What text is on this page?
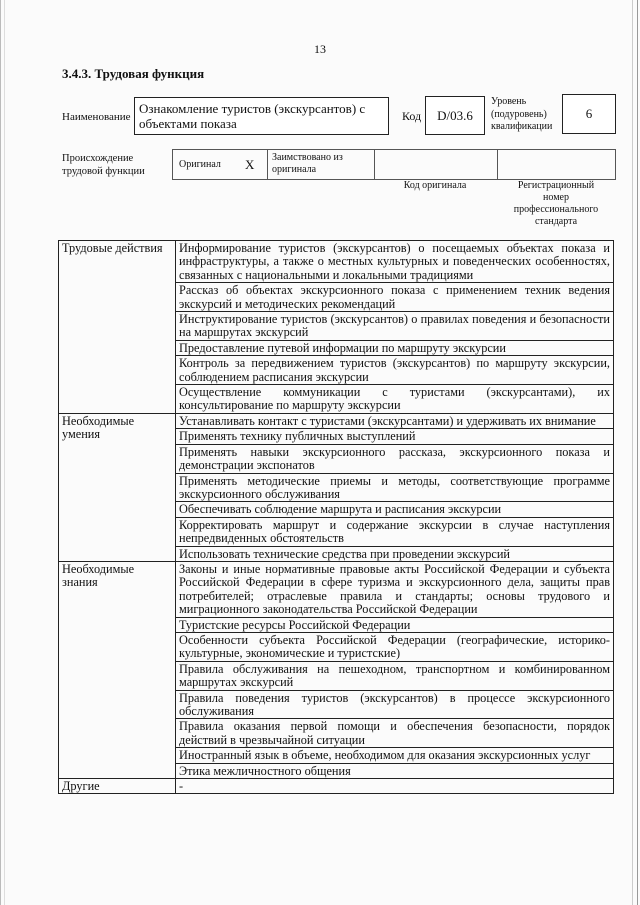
13
3.4.3. Трудовая функция
Наименование
Ознакомление туристов (экскурсантов) с объектами показа	Код	D/03.6
Уровень (подуровень) квалификации
6
Происхождение трудовой функции
Оригинал X Заимствовано из оригинала
Код оригинала	Регистрационный номер профессионального стандарта
Трудовые действия	Информирование туристов (экскурсантов) о посещаемых объектах показа и инфраструктуры, а также о местных культурных и поведенческих особенностях, связанных с национальными и локальными традициями
	Рассказ об объектах экскурсионного показа с применением техник ведения экскурсий и методических рекомендаций
	Инструктирование туристов (экскурсантов) о правилах поведения и безопасности на маршрутах экскурсий
	Предоставление путевой информации по маршруту экскурсии
	Контроль за передвижением туристов (экскурсантов) по маршруту экскурсии, соблюдением расписания экскурсии
	Осуществление коммуникации с туристами (экскурсантами), их консультирование по маршруту экскурсии
Необходимые умения	Устанавливать контакт с туристами (экскурсантами) и удерживать их внимание
	Применять технику публичных выступлений
	Применять навыки экскурсионного рассказа, экскурсионного показа и демонстрации экспонатов
	Применять методические приемы и методы, соответствующие программе экскурсионного обслуживания
	Обеспечивать соблюдение маршрута и расписания экскурсии
	Корректировать маршрут и содержание экскурсии в случае наступления непредвиденных обстоятельств
	Использовать технические средства при проведении экскурсий
Необходимые знания	Законы и иные нормативные правовые акты Российской Федерации и субъекта Российской Федерации в сфере туризма и экскурсионного дела, защиты прав потребителей; отраслевые правила и стандарты; основы трудового и миграционного законодательства Российской Федерации
	Туристские ресурсы Российской Федерации
	Особенности субъекта Российской Федерации (географические, историко-культурные, экономические и туристские)
	Правила обслуживания на пешеходном, транспортном и комбинированном маршрутах экскурсий
	Правила поведения туристов (экскурсантов) в процессе экскурсионного обслуживания
	Правила оказания первой помощи и обеспечения безопасности, порядок действий в чрезвычайной ситуации
	Иностранный язык в объеме, необходимом для оказания экскурсионных услуг
	Этика межличностного общения
Другие	-
